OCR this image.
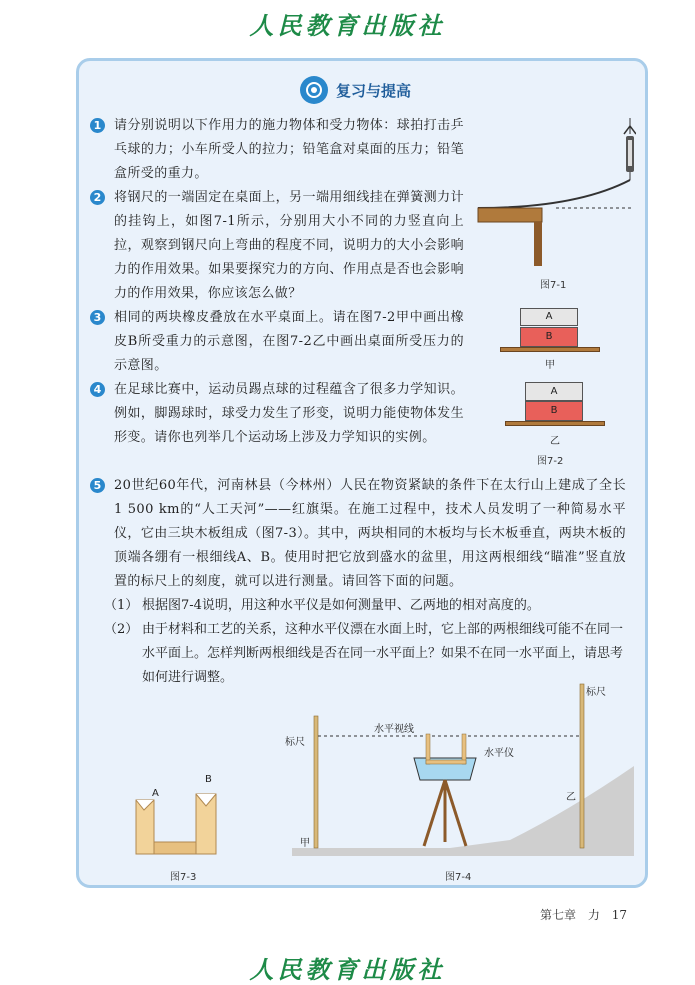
人民教育出版社
复习与提高
1 请分别说明以下作用力的施力物体和受力物体：球拍打击乒乓球的力；小车所受人的拉力；铅笔盒对桌面的压力；铅笔盒所受的重力。
2 将钢尺的一端固定在桌面上，另一端用细线挂在弹簧测力计的挂钩上，如图7-1所示，分别用大小不同的力竖直向上拉，观察到钢尺向上弯曲的程度不同，说明力的大小会影响力的作用效果。如果要探究力的方向、作用点是否也会影响力的作用效果，你应该怎么做？
3 相同的两块橡皮叠放在水平桌面上。请在图7-2甲中画出橡皮B所受重力的示意图，在图7-2乙中画出桌面所受压力的示意图。
4 在足球比赛中，运动员踢点球的过程蕴含了很多力学知识。例如，脚踢球时，球受力发生了形变，说明力能使物体发生形变。请你也列举几个运动场上涉及力学知识的实例。
5 20世纪60年代，河南林县（今林州）人民在物资紧缺的条件下在太行山上建成了全长1 500 km的“人工天河”——红旗渠。在施工过程中，技术人员发明了一种简易水平仪，它由三块木板组成（图7-3）。其中，两块相同的木板均与长木板垂直，两块木板的顶端各绷有一根细线A、B。使用时把它放到盛水的盆里，用这两根细线“瞄准”竖直放置的标尺上的刻度，就可以进行测量。请回答下面的问题。
（1） 根据图7-4说明，用这种水平仪是如何测量甲、乙两地的相对高度的。
（2） 由于材料和工艺的关系，这种水平仪漂在水面上时，它上部的两根细线可能不在同一水平面上。怎样判断两根细线是否在同一水平面上？如果不在同一水平面上，请思考如何进行调整。
图7-1
A
B
甲
A
B
乙
图7-2
A
B
图7-3
标尺
标尺
水平视线
水平仪
甲
乙
图7-4
第七章 力 17
人民教育出版社
